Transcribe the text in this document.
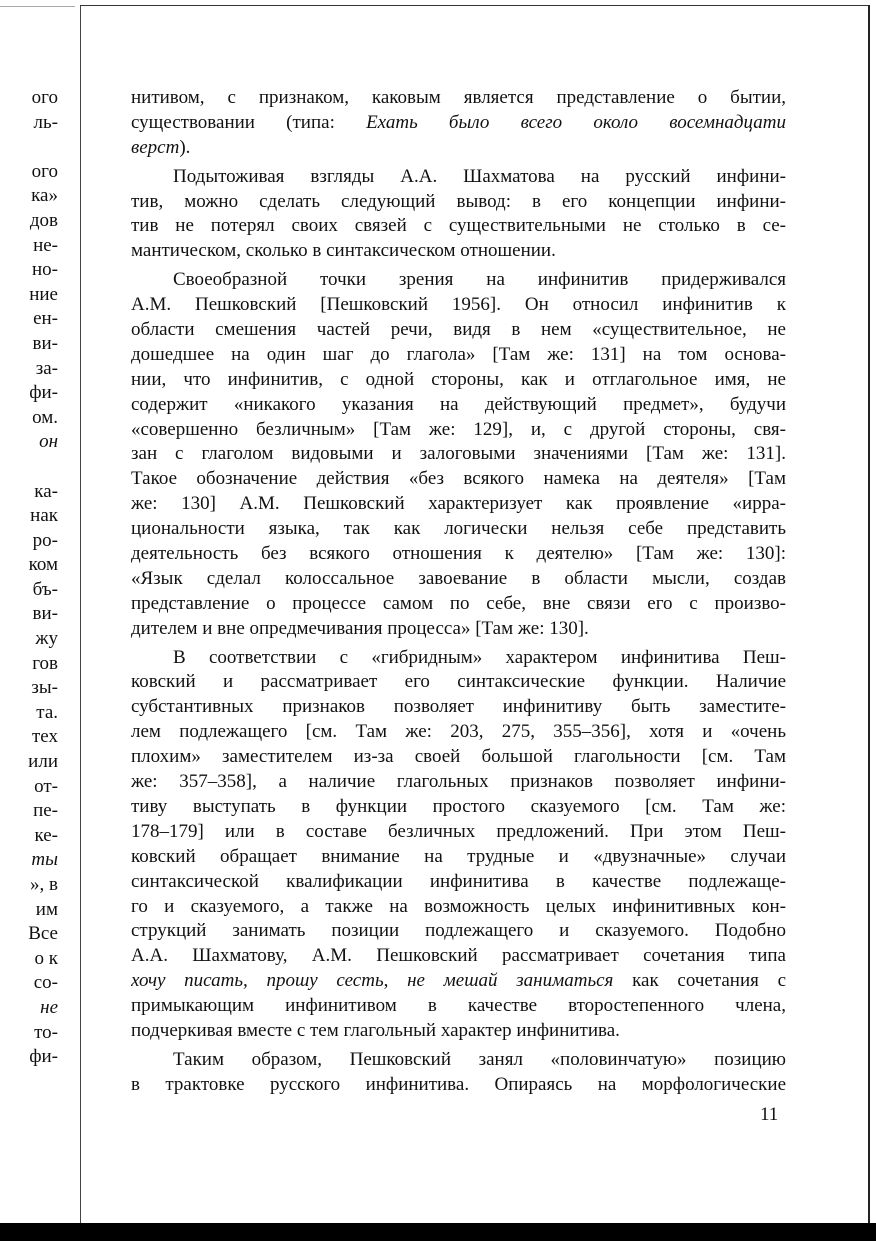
ого
ль-
ого
ка»
дов
не-
но-
ние
ен-
ви-
за-
фи-
ом.
он
ка-
нак
ро-
ком
бъ-
ви-
жу
гов
зы-
та.
тех
или
от-
пе-
ке-
ты
», в
им
Все
о к
со-
не
то-
фи-
нитивом, с признаком, каковым является представление о бытии,
существовании (типа: Ехать было всего около восемнадцати
верст).
Подытоживая взгляды А.А. Шахматова на русский инфини-
тив, можно сделать следующий вывод: в его концепции инфини-
тив не потерял своих связей с существительными не столько в се-
мантическом, сколько в синтаксическом отношении.
Своеобразной точки зрения на инфинитив придерживался
А.М. Пешковский [Пешковский 1956]. Он относил инфинитив к
области смешения частей речи, видя в нем «существительное, не
дошедшее на один шаг до глагола» [Там же: 131] на том основа-
нии, что инфинитив, с одной стороны, как и отглагольное имя, не
содержит «никакого указания на действующий предмет», будучи
«совершенно безличным» [Там же: 129], и, с другой стороны, свя-
зан с глаголом видовыми и залоговыми значениями [Там же: 131].
Такое обозначение действия «без всякого намека на деятеля» [Там
же: 130] А.М. Пешковский характеризует как проявление «ирра-
циональности языка, так как логически нельзя себе представить
деятельность без всякого отношения к деятелю» [Там же: 130]:
«Язык сделал колоссальное завоевание в области мысли, создав
представление о процессе самом по себе, вне связи его с произво-
дителем и вне опредмечивания процесса» [Там же: 130].
В соответствии с «гибридным» характером инфинитива Пеш-
ковский и рассматривает его синтаксические функции. Наличие
субстантивных признаков позволяет инфинитиву быть заместите-
лем подлежащего [см. Там же: 203, 275, 355–356], хотя и «очень
плохим» заместителем из-за своей большой глагольности [см. Там
же: 357–358], а наличие глагольных признаков позволяет инфини-
тиву выступать в функции простого сказуемого [см. Там же:
178–179] или в составе безличных предложений. При этом Пеш-
ковский обращает внимание на трудные и «двузначные» случаи
синтаксической квалификации инфинитива в качестве подлежаще-
го и сказуемого, а также на возможность целых инфинитивных кон-
струкций занимать позиции подлежащего и сказуемого. Подобно
А.А. Шахматову, А.М. Пешковский рассматривает сочетания типа
хочу писать, прошу сесть, не мешай заниматься как сочетания с
примыкающим инфинитивом в качестве второстепенного члена,
подчеркивая вместе с тем глагольный характер инфинитива.
Таким образом, Пешковский занял «половинчатую» позицию
в трактовке русского инфинитива. Опираясь на морфологические
11
